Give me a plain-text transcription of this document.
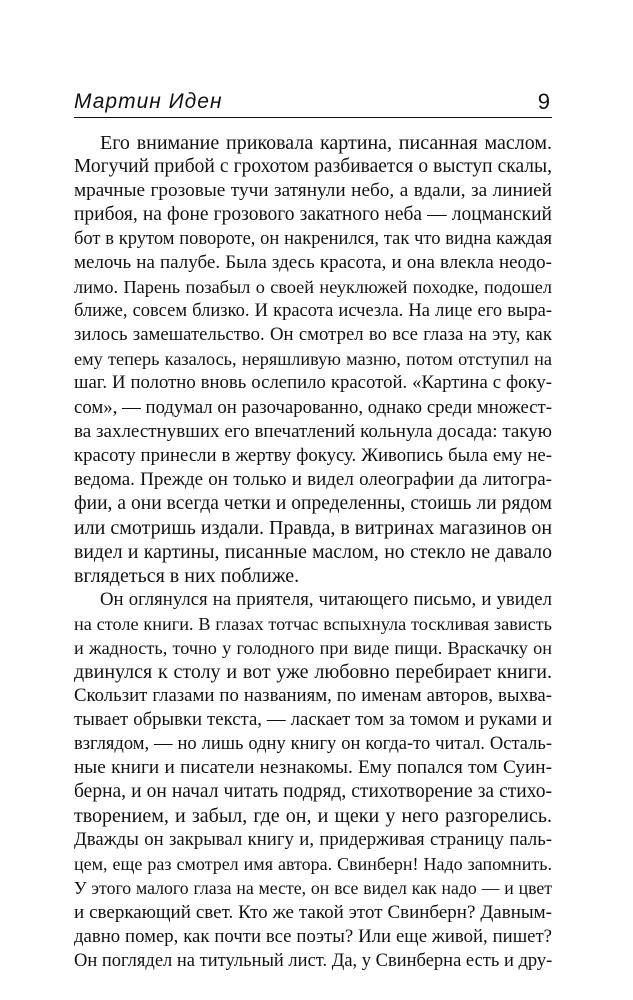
Мартин Иден	9
Его внимание приковала картина, писанная маслом.
Могучий прибой с грохотом разбивается о выступ скалы,
мрачные грозовые тучи затянули небо, а вдали, за линией
прибоя, на фоне грозового закатного неба — лоцманский
бот в крутом повороте, он накренился, так что видна каждая
мелочь на палубе. Была здесь красота, и она влекла неодо-
лимо. Парень позабыл о своей неуклюжей походке, подошел
ближе, совсем близко. И красота исчезла. На лице его выра-
зилось замешательство. Он смотрел во все глаза на эту, как
ему теперь казалось, неряшливую мазню, потом отступил на
шаг. И полотно вновь ослепило красотой. «Картина с фоку-
сом», — подумал он разочарованно, однако среди множест-
ва захлестнувших его впечатлений кольнула досада: такую
красоту принесли в жертву фокусу. Живопись была ему не-
ведома. Прежде он только и видел олеографии да литогра-
фии, а они всегда четки и определенны, стоишь ли рядом
или смотришь издали. Правда, в витринах магазинов он
видел и картины, писанные маслом, но стекло не давало
вглядеться в них поближе.
Он оглянулся на приятеля, читающего письмо, и увидел
на столе книги. В глазах тотчас вспыхнула тоскливая зависть
и жадность, точно у голодного при виде пищи. Враскачку он
двинулся к столу и вот уже любовно перебирает книги.
Скользит глазами по названиям, по именам авторов, выхва-
тывает обрывки текста, — ласкает том за томом и руками и
взглядом, — но лишь одну книгу он когда-то читал. Осталь-
ные книги и писатели незнакомы. Ему попался том Суин-
берна, и он начал читать подряд, стихотворение за стихо-
творением, и забыл, где он, и щеки у него разгорелись.
Дважды он закрывал книгу и, придерживая страницу паль-
цем, еще раз смотрел имя автора. Свинберн! Надо запомнить.
У этого малого глаза на месте, он все видел как надо — и цвет
и сверкающий свет. Кто же такой этот Свинберн? Давным-
давно помер, как почти все поэты? Или еще живой, пишет?
Он поглядел на титульный лист. Да, у Свинберна есть и дру-
